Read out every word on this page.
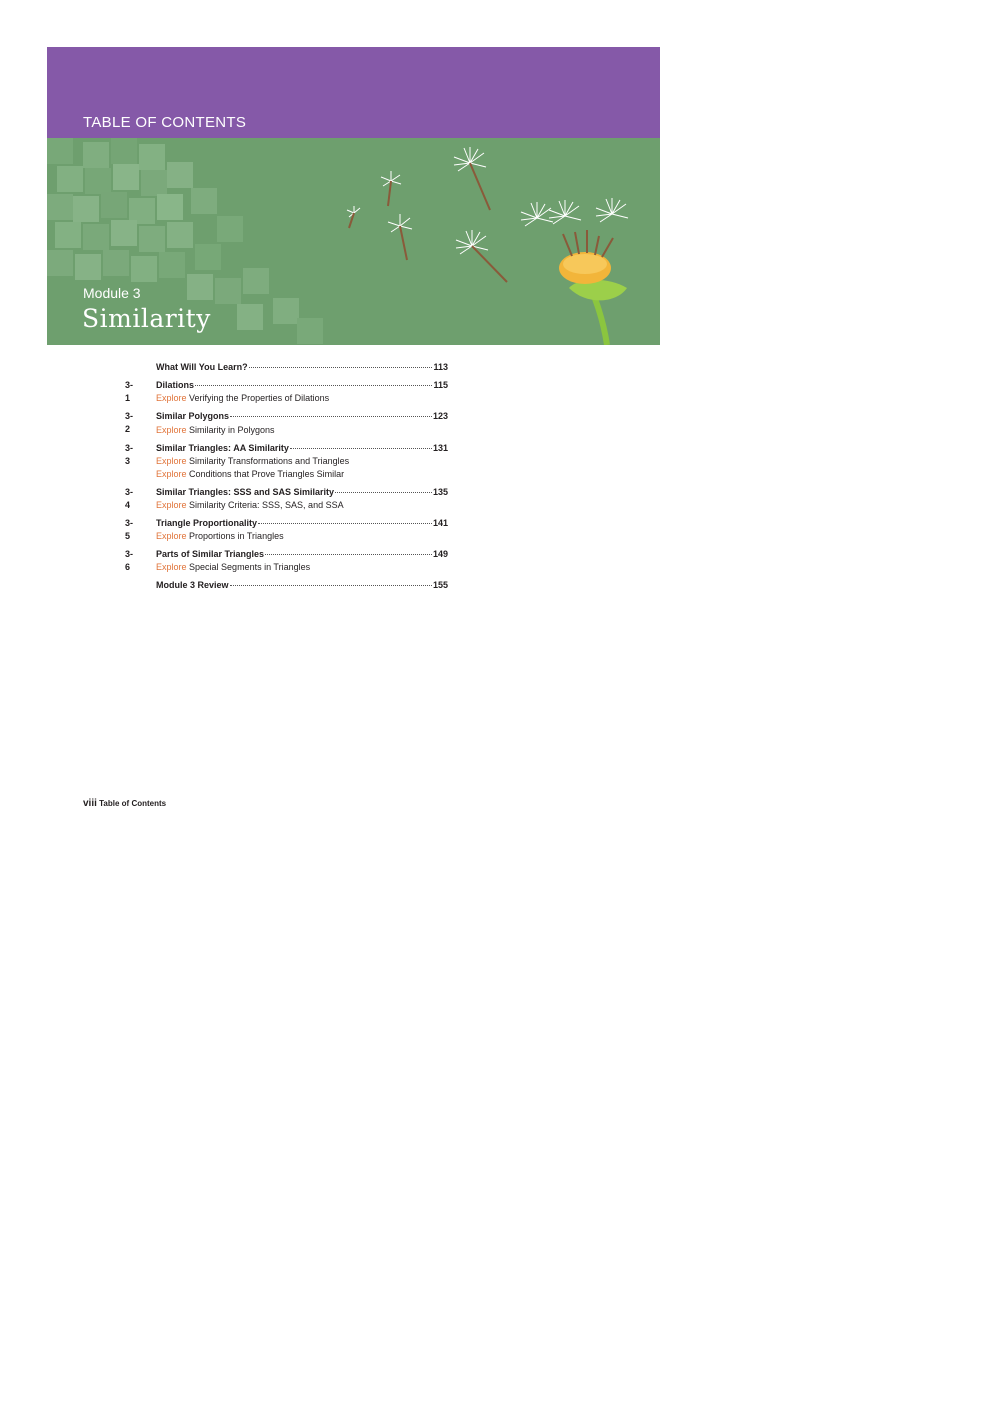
TABLE OF CONTENTS
Module 3
Similarity
What Will You Learn?	113
3-1
Dilations	115
Explore Verifying the Properties of Dilations
3-2
Similar Polygons	123
Explore Similarity in Polygons
3-3
Similar Triangles: AA Similarity	131
Explore Similarity Transformations and Triangles
Explore Conditions that Prove Triangles Similar
3-4
Similar Triangles: SSS and SAS Similarity	135
Explore Similarity Criteria: SSS, SAS, and SSA
3-5
Triangle Proportionality	141
Explore Proportions in Triangles
3-6
Parts of Similar Triangles	149
Explore Special Segments in Triangles
Module 3 Review	155
viii Table of Contents
